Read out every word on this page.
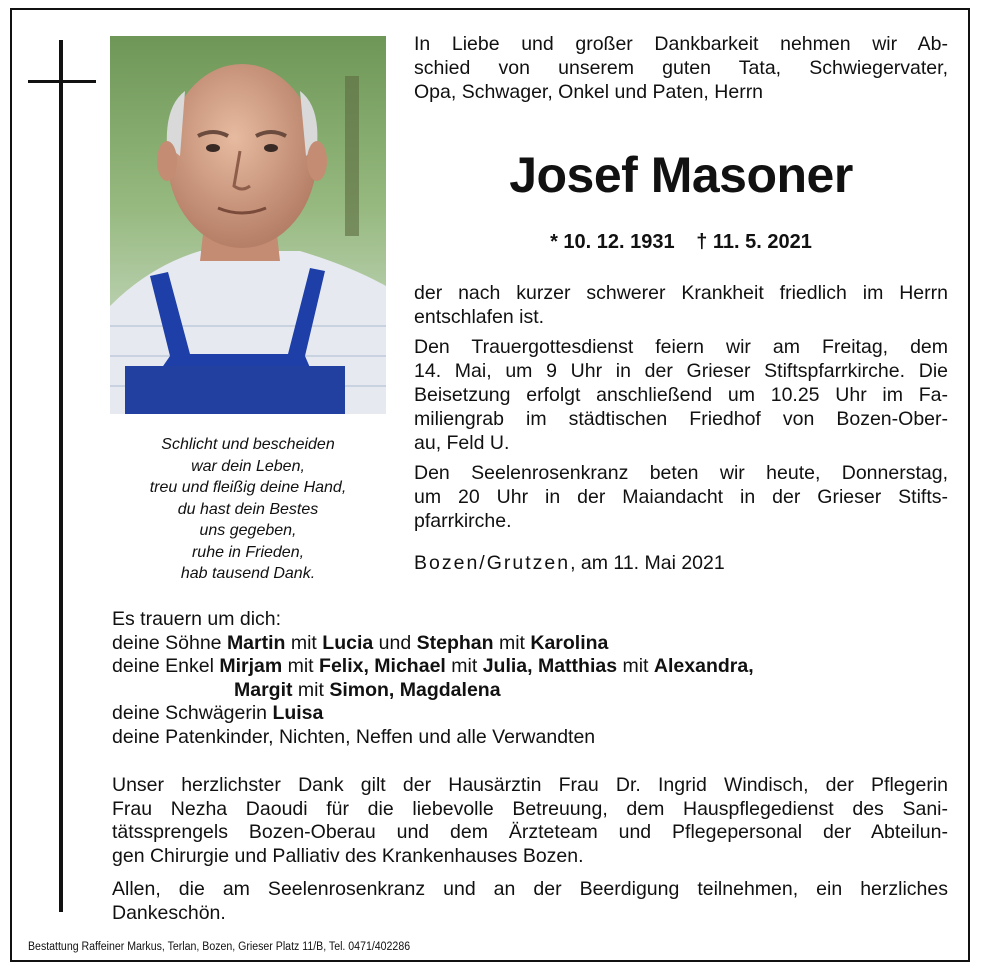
Schlicht und bescheiden
war dein Leben,
treu und fleißig deine Hand,
du hast dein Bestes
uns gegeben,
ruhe in Frieden,
hab tausend Dank.
In Liebe und großer Dankbarkeit nehmen wir Ab-
schied von unserem guten Tata, Schwiegervater,
Opa, Schwager, Onkel und Paten, Herrn
Josef Masoner
* 10. 12. 1931 † 11. 5. 2021
der nach kurzer schwerer Krankheit friedlich im Herrn
entschlafen ist.
Den Trauergottesdienst feiern wir am Freitag, dem
14. Mai, um 9 Uhr in der Grieser Stiftspfarrkirche. Die
Beisetzung erfolgt anschließend um 10.25 Uhr im Fa-
miliengrab im städtischen Friedhof von Bozen-Ober-
au, Feld U.
Den Seelenrosenkranz beten wir heute, Donnerstag,
um 20 Uhr in der Maiandacht in der Grieser Stifts-
pfarrkirche.
Bozen/Grutzen, am 11. Mai 2021
Es trauern um dich:
deine Söhne Martin mit Lucia und Stephan mit Karolina
deine Enkel Mirjam mit Felix, Michael mit Julia, Matthias mit Alexandra,
Margit mit Simon, Magdalena
deine Schwägerin Luisa
deine Patenkinder, Nichten, Neffen und alle Verwandten
Unser herzlichster Dank gilt der Hausärztin Frau Dr. Ingrid Windisch, der Pflegerin
Frau Nezha Daoudi für die liebevolle Betreuung, dem Hauspflegedienst des Sani-
tätssprengels Bozen-Oberau und dem Ärzteteam und Pflegepersonal der Abteilun-
gen Chirurgie und Palliativ des Krankenhauses Bozen.
Allen, die am Seelenrosenkranz und an der Beerdigung teilnehmen, ein herzliches
Dankeschön.
Bestattung Raffeiner Markus, Terlan, Bozen, Grieser Platz 11/B, Tel. 0471/402286
